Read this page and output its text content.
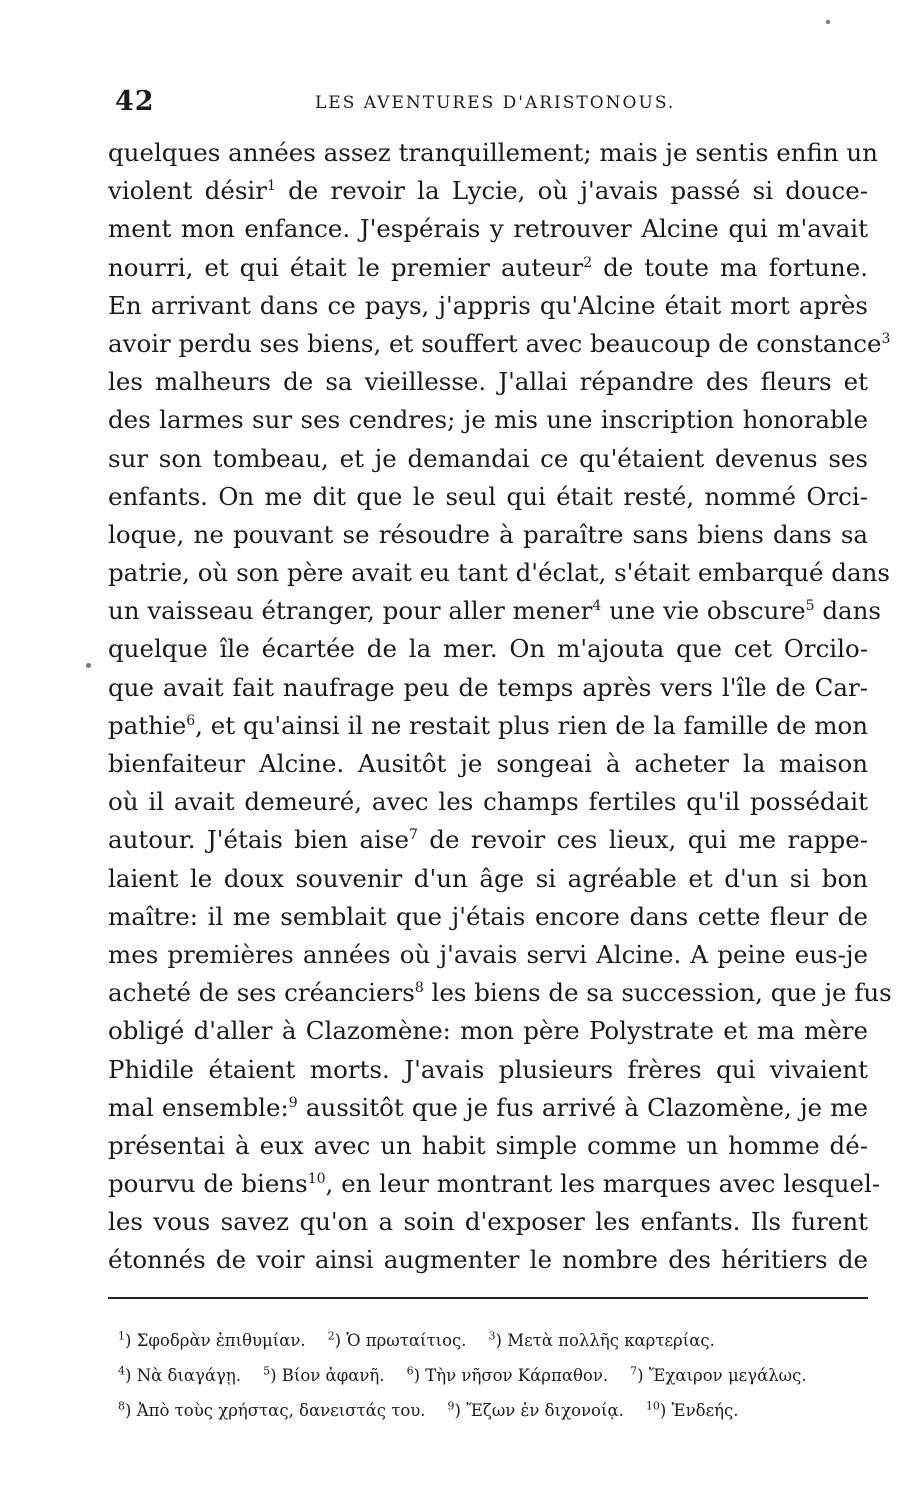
42	LES AVENTURES D'ARISTONOUS.
quelques années assez tranquillement; mais je sentis enfin un
violent désir$^1$ de revoir la Lycie, où j'avais passé si douce-
ment mon enfance. J'espérais y retrouver Alcine qui m'avait
nourri, et qui était le premier auteur$^2$ de toute ma fortune.
En arrivant dans ce pays, j'appris qu'Alcine était mort après
avoir perdu ses biens, et souffert avec beaucoup de constance$^3$
les malheurs de sa vieillesse. J'allai répandre des fleurs et
des larmes sur ses cendres; je mis une inscription honorable
sur son tombeau, et je demandai ce qu'étaient devenus ses
enfants. On me dit que le seul qui était resté, nommé Orci-
loque, ne pouvant se résoudre à paraître sans biens dans sa
patrie, où son père avait eu tant d'éclat, s'était embarqué dans
un vaisseau étranger, pour aller mener$^4$ une vie obscure$^5$ dans
quelque île écartée de la mer. On m'ajouta que cet Orcilo-
que avait fait naufrage peu de temps après vers l'île de Car-
pathie$^6$, et qu'ainsi il ne restait plus rien de la famille de mon
bienfaiteur Alcine. Ausitôt je songeai à acheter la maison
où il avait demeuré, avec les champs fertiles qu'il possédait
autour. J'étais bien aise$^7$ de revoir ces lieux, qui me rappe-
laient le doux souvenir d'un âge si agréable et d'un si bon
maître: il me semblait que j'étais encore dans cette fleur de
mes premières années où j'avais servi Alcine. A peine eus-je
acheté de ses créanciers$^8$ les biens de sa succession, que je fus
obligé d'aller à Clazomène: mon père Polystrate et ma mère
Phidile étaient morts. J'avais plusieurs frères qui vivaient
mal ensemble:$^9$ aussitôt que je fus arrivé à Clazomène, je me
présentai à eux avec un habit simple comme un homme dé-
pourvu de biens$^{10}$, en leur montrant les marques avec lesquel-
les vous savez qu'on a soin d'exposer les enfants. Ils furent
étonnés de voir ainsi augmenter le nombre des héritiers de
$^1$) Σφοδρὰν ἐπιθυμίαν. $^2$) Ὁ πρωταίτιος. $^3$) Μετὰ πολλῆς καρτερίας.
$^4$) Νὰ διαγάγῃ. $^5$) Βίον ἀφανῆ. $^6$) Τὴν νῆσον Κάρπαθον. $^7$) Ἔχαιρον μεγάλως.
$^8$) Ἀπὸ τοὺς χρήστας, δανειστάς του. $^9$) Ἔζων ἐν διχονοίᾳ. $^{10}$) Ἐνδεής.
